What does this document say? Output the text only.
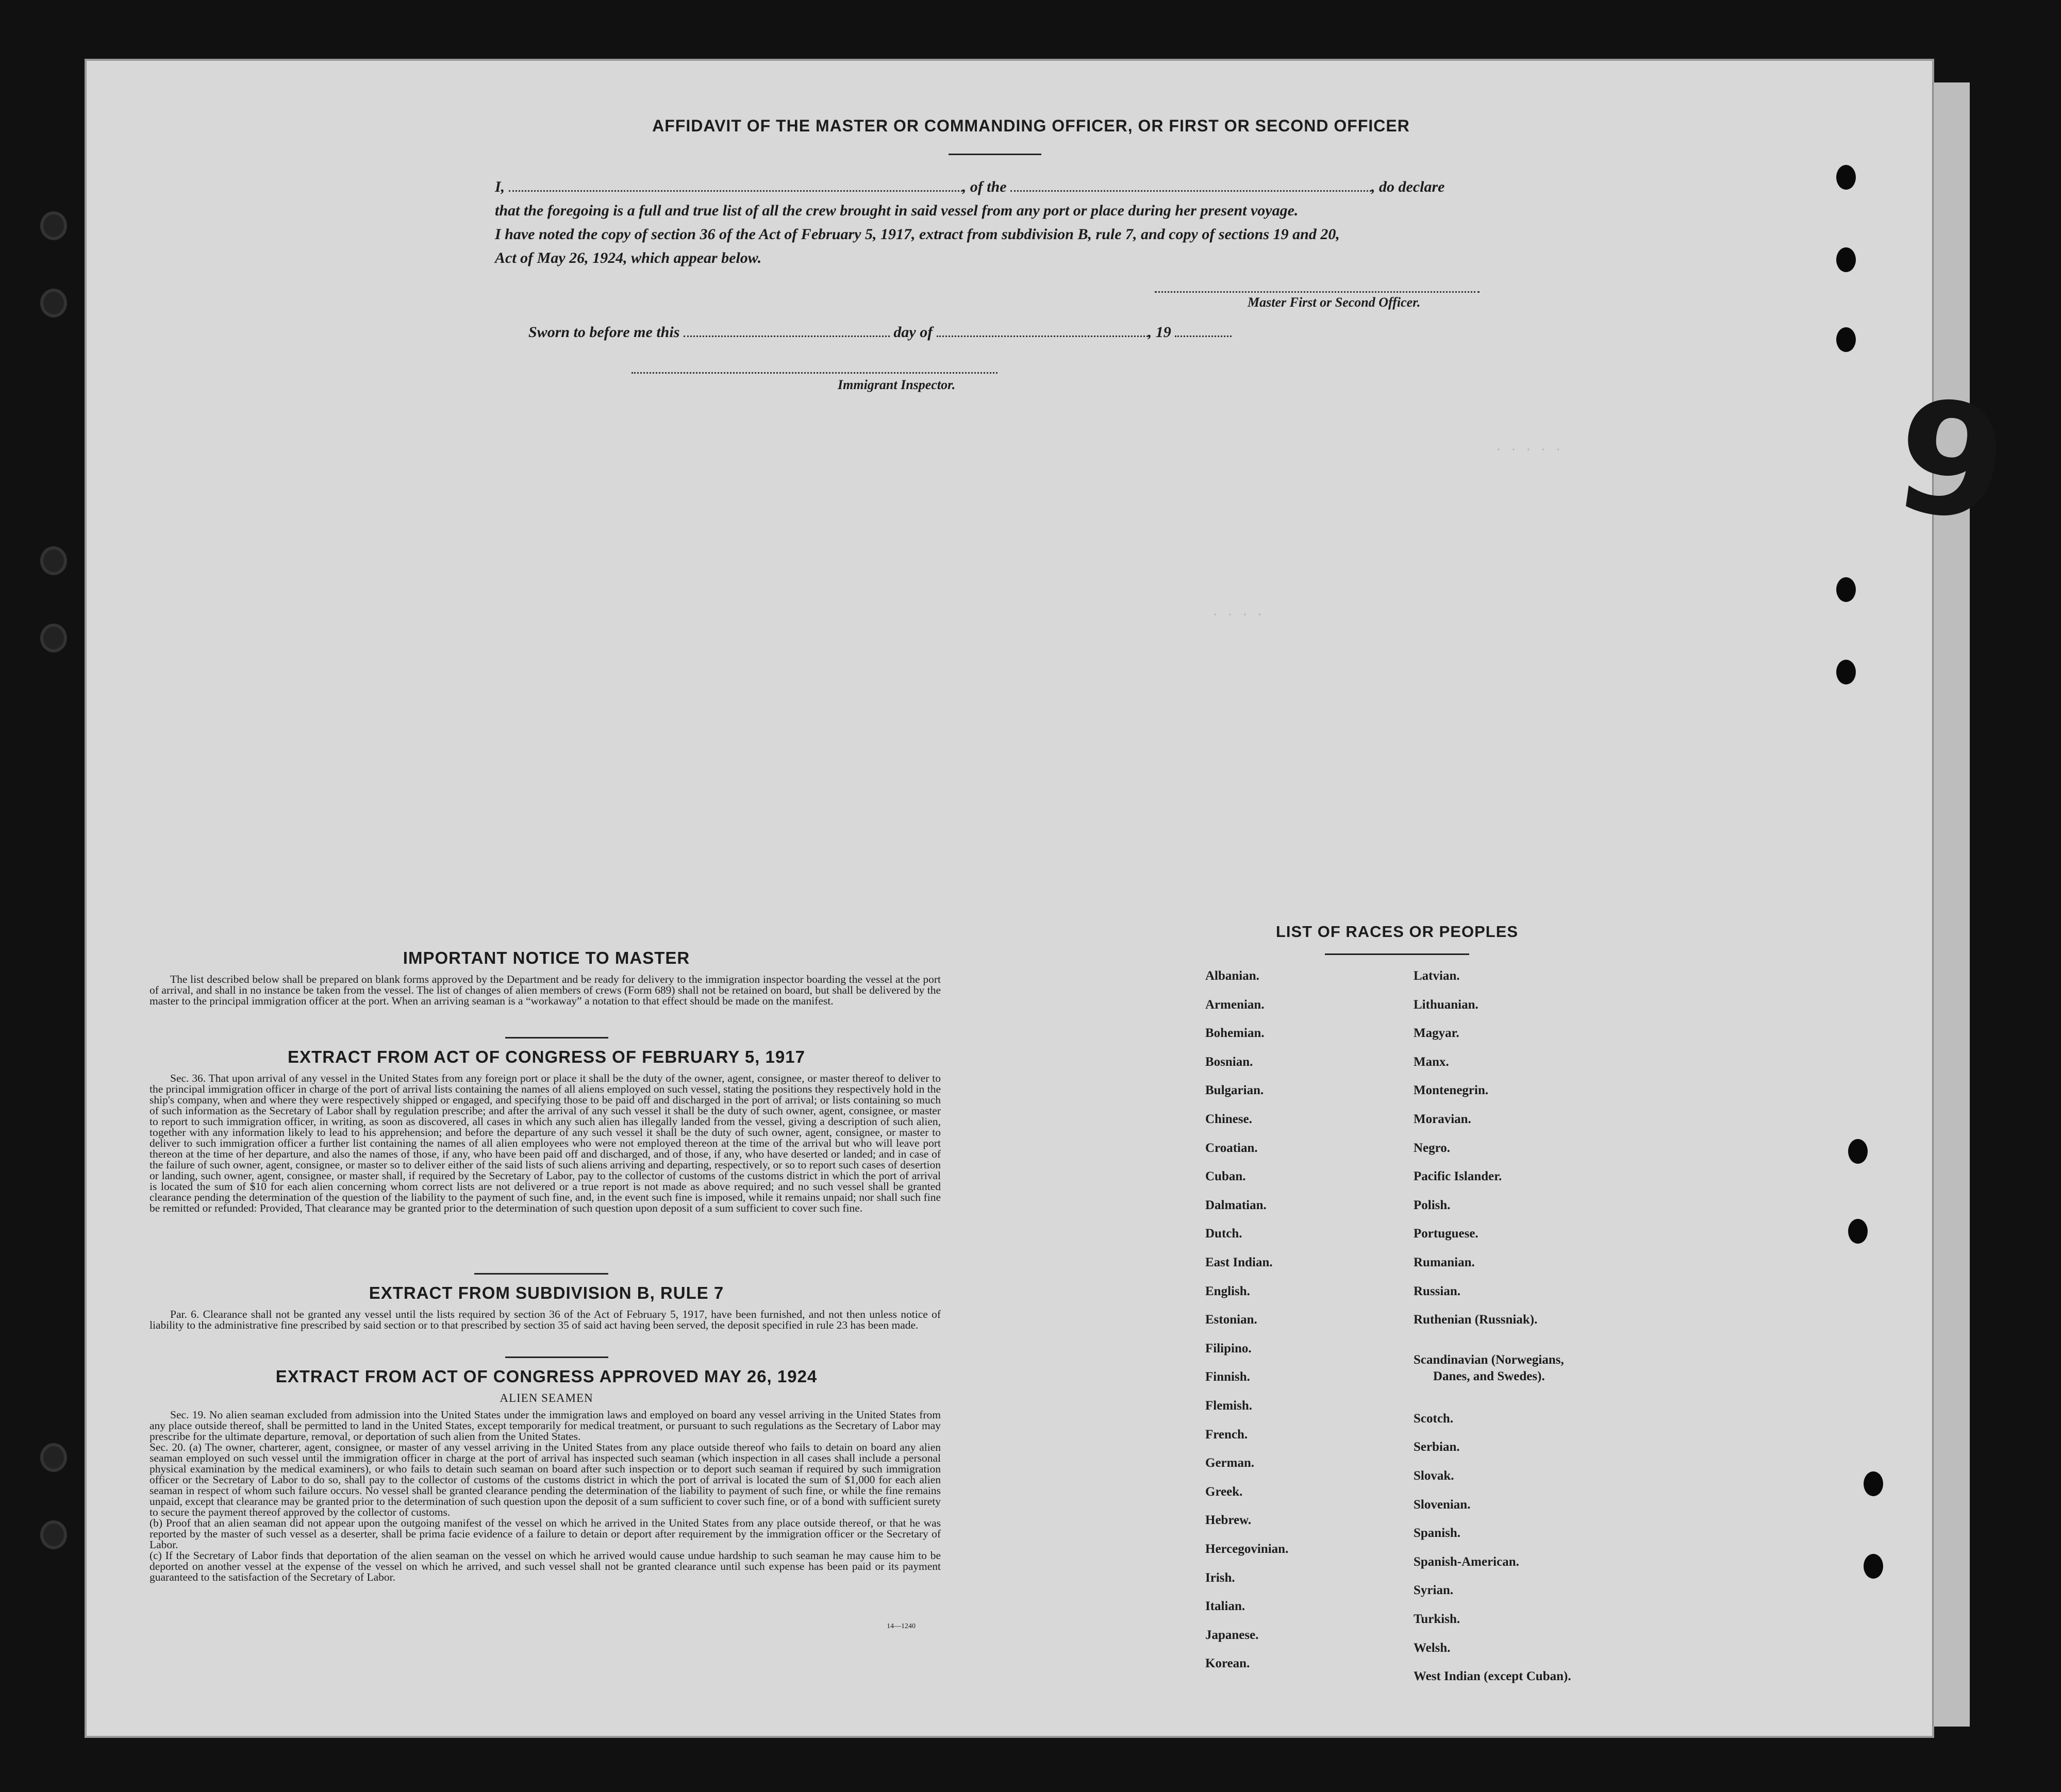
· · · · ·
· · · ·
9
AFFIDAVIT OF THE MASTER OR COMMANDING OFFICER, OR FIRST OR SECOND OFFICER
I,	, of the	, do declare
that the foregoing is a full and true list of all the crew brought in said vessel from any port or place during her present voyage.
I have noted the copy of section 36 of the Act of February 5, 1917, extract from subdivision B, rule 7, and copy of sections 19 and 20,
Act of May 26, 1924, which appear below.
Master First or Second Officer.
Sworn to before me this	day of	, 19
Immigrant Inspector.
IMPORTANT NOTICE TO MASTER
The list described below shall be prepared on blank forms approved by the Department and be ready for delivery to the immigration inspector boarding the vessel at the port of arrival, and shall in no instance be taken from the vessel. The list of changes of alien members of crews (Form 689) shall not be retained on board, but shall be delivered by the master to the principal immigration officer at the port. When an arriving seaman is a “workaway” a notation to that effect should be made on the manifest.
EXTRACT FROM ACT OF CONGRESS OF FEBRUARY 5, 1917
Sec. 36. That upon arrival of any vessel in the United States from any foreign port or place it shall be the duty of the owner, agent, consignee, or master thereof to deliver to the principal immigration officer in charge of the port of arrival lists containing the names of all aliens employed on such vessel, stating the positions they respectively hold in the ship's company, when and where they were respectively shipped or engaged, and specifying those to be paid off and discharged in the port of arrival; or lists containing so much of such information as the Secretary of Labor shall by regulation prescribe; and after the arrival of any such vessel it shall be the duty of such owner, agent, consignee, or master to report to such immigration officer, in writing, as soon as discovered, all cases in which any such alien has illegally landed from the vessel, giving a description of such alien, together with any information likely to lead to his apprehension; and before the departure of any such vessel it shall be the duty of such owner, agent, consignee, or master to deliver to such immigration officer a further list containing the names of all alien employees who were not employed thereon at the time of the arrival but who will leave port thereon at the time of her departure, and also the names of those, if any, who have been paid off and discharged, and of those, if any, who have deserted or landed; and in case of the failure of such owner, agent, consignee, or master so to deliver either of the said lists of such aliens arriving and departing, respectively, or so to report such cases of desertion or landing, such owner, agent, consignee, or master shall, if required by the Secretary of Labor, pay to the collector of customs of the customs district in which the port of arrival is located the sum of $10 for each alien concerning whom correct lists are not delivered or a true report is not made as above required; and no such vessel shall be granted clearance pending the determination of the question of the liability to the payment of such fine, and, in the event such fine is imposed, while it remains unpaid; nor shall such fine be remitted or refunded: Provided, That clearance may be granted prior to the determination of such question upon deposit of a sum sufficient to cover such fine.
EXTRACT FROM SUBDIVISION B, RULE 7
Par. 6. Clearance shall not be granted any vessel until the lists required by section 36 of the Act of February 5, 1917, have been furnished, and not then unless notice of liability to the administrative fine prescribed by said section or to that prescribed by section 35 of said act having been served, the deposit specified in rule 23 has been made.
EXTRACT FROM ACT OF CONGRESS APPROVED MAY 26, 1924
ALIEN SEAMEN
Sec. 19. No alien seaman excluded from admission into the United States under the immigration laws and employed on board any vessel arriving in the United States from any place outside thereof, shall be permitted to land in the United States, except temporarily for medical treatment, or pursuant to such regulations as the Secretary of Labor may prescribe for the ultimate departure, removal, or deportation of such alien from the United States.
Sec. 20. (a) The owner, charterer, agent, consignee, or master of any vessel arriving in the United States from any place outside thereof who fails to detain on board any alien seaman employed on such vessel until the immigration officer in charge at the port of arrival has inspected such seaman (which inspection in all cases shall include a personal physical examination by the medical examiners), or who fails to detain such seaman on board after such inspection or to deport such seaman if required by such immigration officer or the Secretary of Labor to do so, shall pay to the collector of customs of the customs district in which the port of arrival is located the sum of $1,000 for each alien seaman in respect of whom such failure occurs. No vessel shall be granted clearance pending the determination of the liability to payment of such fine, or while the fine remains unpaid, except that clearance may be granted prior to the determination of such question upon the deposit of a sum sufficient to cover such fine, or of a bond with sufficient surety to secure the payment thereof approved by the collector of customs.
(b) Proof that an alien seaman did not appear upon the outgoing manifest of the vessel on which he arrived in the United States from any place outside thereof, or that he was reported by the master of such vessel as a deserter, shall be prima facie evidence of a failure to detain or deport after requirement by the immigration officer or the Secretary of Labor.
(c) If the Secretary of Labor finds that deportation of the alien seaman on the vessel on which he arrived would cause undue hardship to such seaman he may cause him to be deported on another vessel at the expense of the vessel on which he arrived, and such vessel shall not be granted clearance until such expense has been paid or its payment guaranteed to the satisfaction of the Secretary of Labor.
14—1240
LIST OF RACES OR PEOPLES
Albanian.
Armenian.
Bohemian.
Bosnian.
Bulgarian.
Chinese.
Croatian.
Cuban.
Dalmatian.
Dutch.
East Indian.
English.
Estonian.
Filipino.
Finnish.
Flemish.
French.
German.
Greek.
Hebrew.
Hercegovinian.
Irish.
Italian.
Japanese.
Korean.
Latvian.
Lithuanian.
Magyar.
Manx.
Montenegrin.
Moravian.
Negro.
Pacific Islander.
Polish.
Portuguese.
Rumanian.
Russian.
Ruthenian (Russniak).
Scandinavian (Norwegians,
Danes, and Swedes).
Scotch.
Serbian.
Slovak.
Slovenian.
Spanish.
Spanish-American.
Syrian.
Turkish.
Welsh.
West Indian (except Cuban).
